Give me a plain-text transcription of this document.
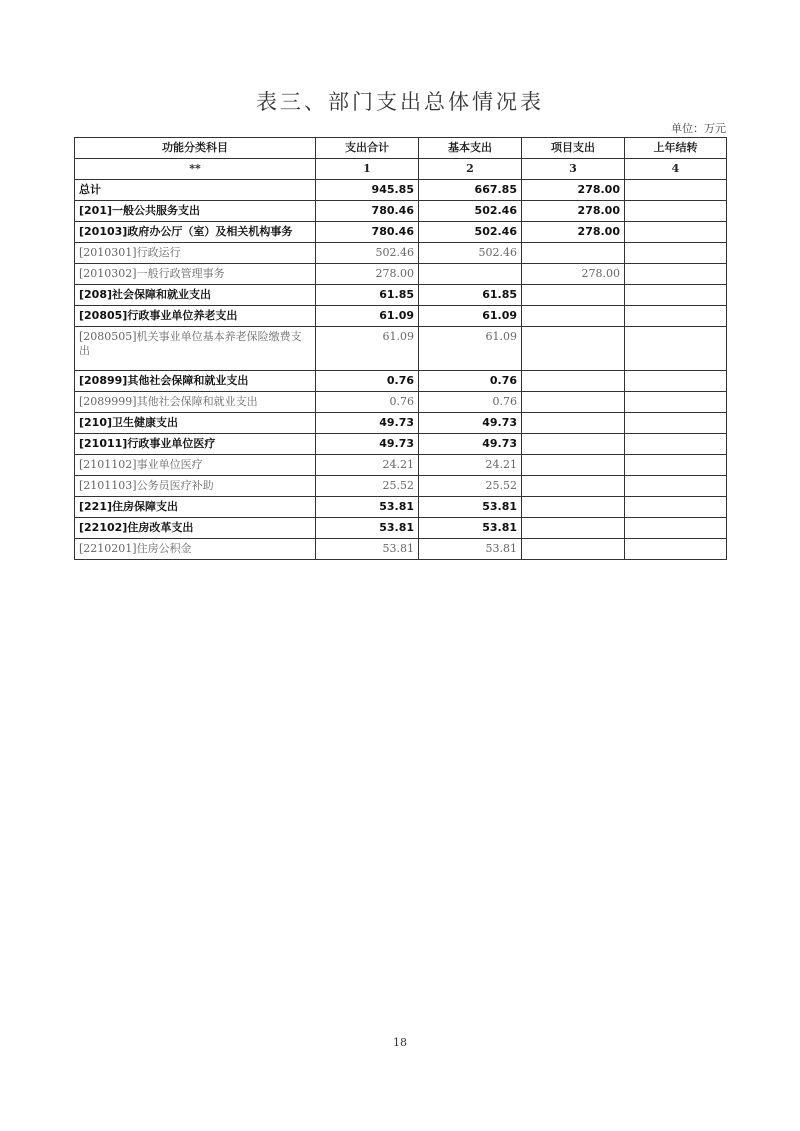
表三、部门支出总体情况表
单位：万元
功能分类科目	支出合计	基本支出	项目支出	上年结转
**	1	2	3	4
总计	945.85	667.85	278.00	
[201]一般公共服务支出	780.46	502.46	278.00	
[20103]政府办公厅（室）及相关机构事务	780.46	502.46	278.00	
[2010301]行政运行	502.46	502.46		
[2010302]一般行政管理事务	278.00		278.00	
[208]社会保障和就业支出	61.85	61.85		
[20805]行政事业单位养老支出	61.09	61.09		
[2080505]机关事业单位基本养老保险缴费支出	61.09	61.09		
[20899]其他社会保障和就业支出	0.76	0.76		
[2089999]其他社会保障和就业支出	0.76	0.76		
[210]卫生健康支出	49.73	49.73		
[21011]行政事业单位医疗	49.73	49.73		
[2101102]事业单位医疗	24.21	24.21		
[2101103]公务员医疗补助	25.52	25.52		
[221]住房保障支出	53.81	53.81		
[22102]住房改革支出	53.81	53.81		
[2210201]住房公积金	53.81	53.81		
18
